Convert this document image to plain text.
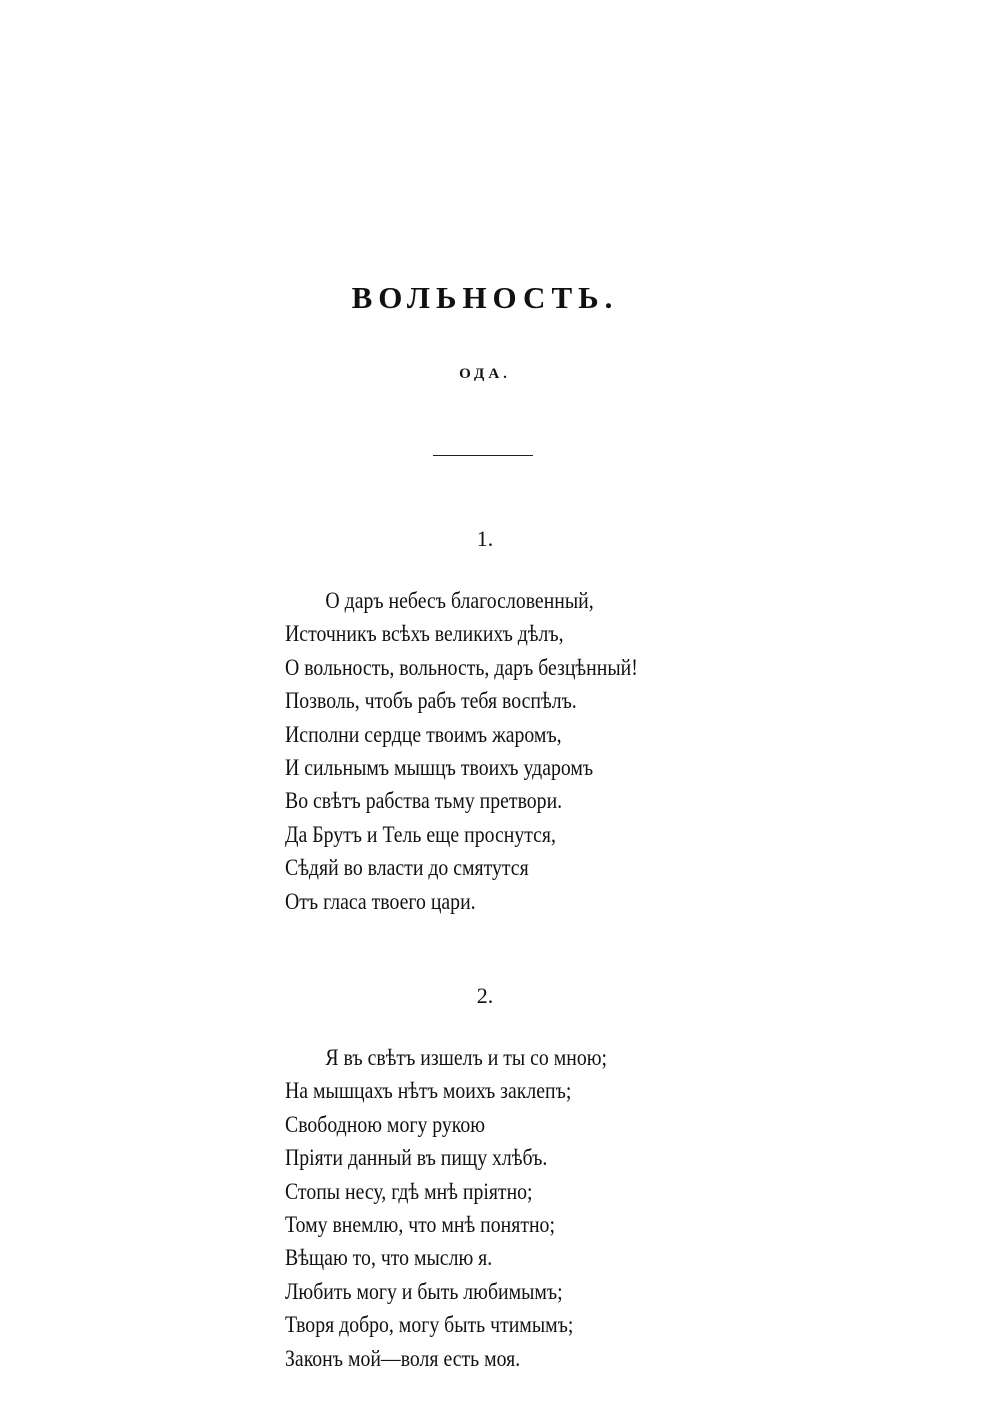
ВОЛЬНОСТЬ.
ОДА.
1.
О даръ небесъ благословенный,
Источникъ всѣхъ великихъ дѣлъ,
О вольность, вольность, даръ безцѣнный!
Позволь, чтобъ рабъ тебя воспѣлъ.
Исполни сердце твоимъ жаромъ,
И сильнымъ мышцъ твоихъ ударомъ
Во свѣтъ рабства тьму претвори.
Да Брутъ и Тель еще проснутся,
Сѣдяй во власти до смятутся
Отъ гласа твоего цари.
2.
Я въ свѣтъ изшелъ и ты со мною;
На мышцахъ нѣтъ моихъ заклепъ;
Свободною могу рукою
Пріяти данный въ пищу хлѣбъ.
Стопы несу, гдѣ мнѣ пріятно;
Тому внемлю, что мнѣ понятно;
Вѣщаю то, что мыслю я.
Любить могу и быть любимымъ;
Творя добро, могу быть чтимымъ;
Законъ мой—воля есть моя.
